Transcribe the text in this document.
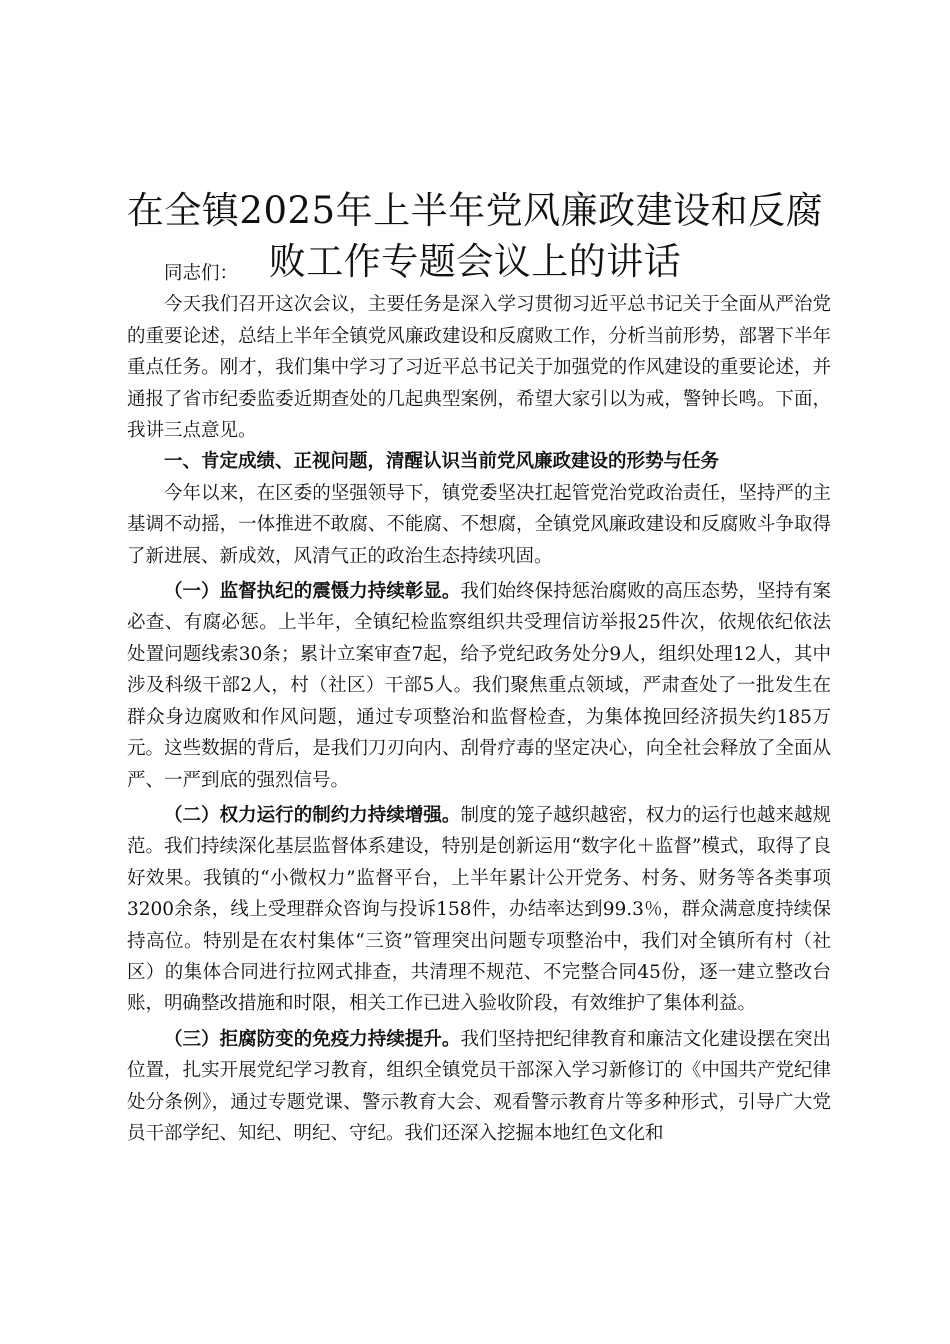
在全镇2025年上半年党风廉政建设和反腐败工作专题会议上的讲话

同志们：

今天我们召开这次会议，主要任务是深入学习贯彻习近平总书记关于全面从严治党的重要论述，总结上半年全镇党风廉政建设和反腐败工作，分析当前形势，部署下半年重点任务。刚才，我们集中学习了习近平总书记关于加强党的作风建设的重要论述，并通报了省市纪委监委近期查处的几起典型案例，希望大家引以为戒，警钟长鸣。下面，我讲三点意见。

一、肯定成绩、正视问题，清醒认识当前党风廉政建设的形势与任务

今年以来，在区委的坚强领导下，镇党委坚决扛起管党治党政治责任，坚持严的主基调不动摇，一体推进不敢腐、不能腐、不想腐，全镇党风廉政建设和反腐败斗争取得了新进展、新成效，风清气正的政治生态持续巩固。

（一）监督执纪的震慑力持续彰显。我们始终保持惩治腐败的高压态势，坚持有案必查、有腐必惩。上半年，全镇纪检监察组织共受理信访举报25件次，依规依纪依法处置问题线索30条；累计立案审查7起，给予党纪政务处分9人，组织处理12人，其中涉及科级干部2人，村（社区）干部5人。我们聚焦重点领域，严肃查处了一批发生在群众身边腐败和作风问题，通过专项整治和监督检查，为集体挽回经济损失约185万元。这些数据的背后，是我们刀刃向内、刮骨疗毒的坚定决心，向全社会释放了全面从严、一严到底的强烈信号。

（二）权力运行的制约力持续增强。制度的笼子越织越密，权力的运行也越来越规范。我们持续深化基层监督体系建设，特别是创新运用“数字化＋监督”模式，取得了良好效果。我镇的“小微权力”监督平台，上半年累计公开党务、村务、财务等各类事项3200余条，线上受理群众咨询与投诉158件，办结率达到99.3％，群众满意度持续保持高位。特别是在农村集体“三资”管理突出问题专项整治中，我们对全镇所有村（社区）的集体合同进行拉网式排查，共清理不规范、不完整合同45份，逐一建立整改台账，明确整改措施和时限，相关工作已进入验收阶段，有效维护了集体利益。

（三）拒腐防变的免疫力持续提升。我们坚持把纪律教育和廉洁文化建设摆在突出位置，扎实开展党纪学习教育，组织全镇党员干部深入学习新修订的《中国共产党纪律处分条例》，通过专题党课、警示教育大会、观看警示教育片等多种形式，引导广大党员干部学纪、知纪、明纪、守纪。我们还深入挖掘本地红色文化和
